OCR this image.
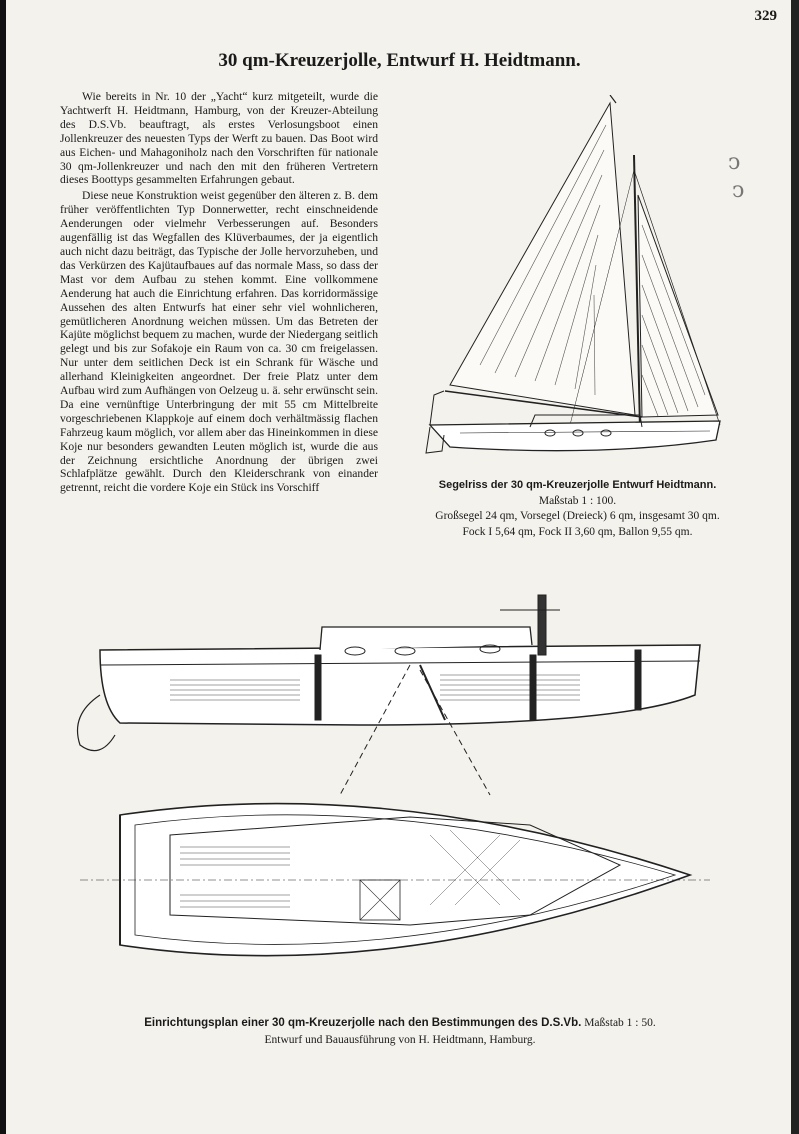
329
30 qm-Kreuzerjolle, Entwurf H. Heidtmann.

Wie bereits in Nr. 10 der „Yacht“ kurz mitgeteilt, wurde die Yachtwerft H. Heidtmann, Hamburg, von der Kreuzer-Abteilung des D.S.Vb. beauftragt, als erstes Verlosungsboot einen Jollenkreuzer des neuesten Typs der Werft zu bauen. Das Boot wird aus Eichen- und Mahagoniholz nach den Vorschriften für nationale 30 qm-Jollenkreuzer und nach den mit den früheren Vertretern dieses Boottyps gesammelten Erfahrungen gebaut.

Diese neue Konstruktion weist gegenüber den älteren z. B. dem früher veröffentlichten Typ Donnerwetter, recht einschneidende Aenderungen oder vielmehr Verbesserungen auf. Besonders augenfällig ist das Wegfallen des Klüverbaumes, der ja eigentlich auch nicht dazu beiträgt, das Typische der Jolle hervorzuheben, und das Verkürzen des Kajütaufbaues auf das normale Mass, so dass der Mast vor dem Aufbau zu stehen kommt. Eine vollkommene Aenderung hat auch die Einrichtung erfahren. Das korridormässige Aussehen des alten Entwurfs hat einer sehr viel wohnlicheren, gemütlicheren Anordnung weichen müssen. Um das Betreten der Kajüte möglichst bequem zu machen, wurde der Niedergang seitlich gelegt und bis zur Sofakoje ein Raum von ca. 30 cm freigelassen. Nur unter dem seitlichen Deck ist ein Schrank für Wäsche und allerhand Kleinigkeiten angeordnet. Der freie Platz unter dem Aufbau wird zum Aufhängen von Oelzeug u. ä. sehr erwünscht sein. Da eine vernünftige Unterbringung der mit 55 cm Mittelbreite vorgeschriebenen Klappkoje auf einem doch verhältmässig flachen Fahrzeug kaum möglich, vor allem aber das Hineinkommen in diese Koje nur besonders gewandten Leuten möglich ist, wurde die aus der Zeichnung ersichtliche Anordnung der übrigen zwei Schlafplätze gewählt. Durch den Kleiderschrank von einander getrennt, reicht die vordere Koje ein Stück ins Vorschiff	Segelriss der 30 qm-Kreuzerjolle Entwurf Heidtmann.
Maßstab 1 : 100.
Großsegel 24 qm, Vorsegel (Dreieck) 6 qm, insgesamt 30 qm.
Fock I 5,64 qm, Fock II 3,60 qm, Ballon 9,55 qm.
Einrichtungsplan einer 30 qm-Kreuzerjolle nach den Bestimmungen des D.S.Vb. Maßstab 1 : 50.
Entwurf und Bauausführung von H. Heidtmann, Hamburg.
ↄ
ↄ
